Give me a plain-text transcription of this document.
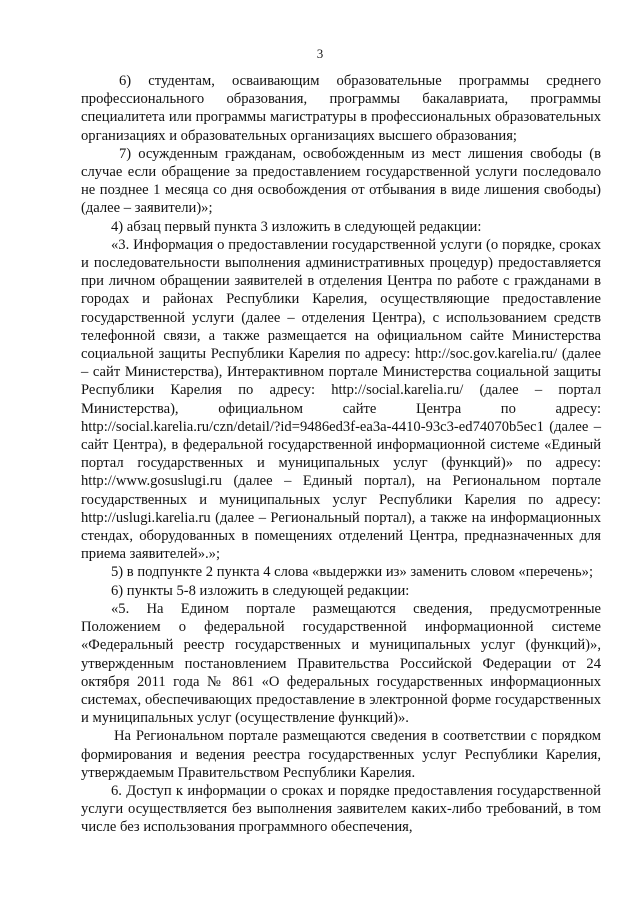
3

6) студентам, осваивающим образовательные программы среднего профессионального образования, программы бакалавриата, программы специалитета или программы магистратуры в профессиональных образовательных организациях и образовательных организациях высшего образования;

7) осужденным гражданам, освобожденным из мест лишения свободы (в случае если обращение за предоставлением государственной услуги последовало не позднее 1 месяца со дня освобождения от отбывания в виде лишения свободы) (далее – заявители)»;

4) абзац первый пункта 3 изложить в следующей редакции:

«3. Информация о предоставлении государственной услуги (о порядке, сроках и последовательности выполнения административных процедур) предоставляется при личном обращении заявителей в отделения Центра по работе с гражданами в городах и районах Республики Карелия, осуществляющие предоставление государственной услуги (далее – отделения Центра), с использованием средств телефонной связи, а также размещается на официальном сайте Министерства социальной защиты Республики Карелия по адресу: http://soc.gov.karelia.ru/ (далее – сайт Министерства), Интерактивном портале Министерства социальной защиты Республики Карелия по адресу: http://social.karelia.ru/ (далее – портал Министерства), официальном сайте Центра по адресу: http://social.karelia.ru/czn/detail/?id=9486ed3f-ea3a-4410-93c3-ed74070b5ec1 (далее – сайт Центра), в федеральной государственной информационной системе «Единый портал государственных и муниципальных услуг (функций)» по адресу: http://www.gosuslugi.ru (далее – Единый портал), на Региональном портале государственных и муниципальных услуг Республики Карелия по адресу: http://uslugi.karelia.ru (далее – Региональный портал), а также на информационных стендах, оборудованных в помещениях отделений Центра, предназначенных для приема заявителей».»;

5) в подпункте 2 пункта 4 слова «выдержки из» заменить словом «перечень»;

6) пункты 5-8 изложить в следующей редакции:

«5. На Едином портале размещаются сведения, предусмотренные Положением о федеральной государственной информационной системе «Федеральный реестр государственных и муниципальных услуг (функций)», утвержденным постановлением Правительства Российской Федерации от 24 октября 2011 года № 861 «О федеральных государственных информационных системах, обеспечивающих предоставление в электронной форме государственных и муниципальных услуг (осуществление функций)».

На Региональном портале размещаются сведения в соответствии с порядком формирования и ведения реестра государственных услуг Республики Карелия, утверждаемым Правительством Республики Карелия.

6. Доступ к информации о сроках и порядке предоставления государственной услуги осуществляется без выполнения заявителем каких-либо требований, в том числе без использования программного обеспечения,
